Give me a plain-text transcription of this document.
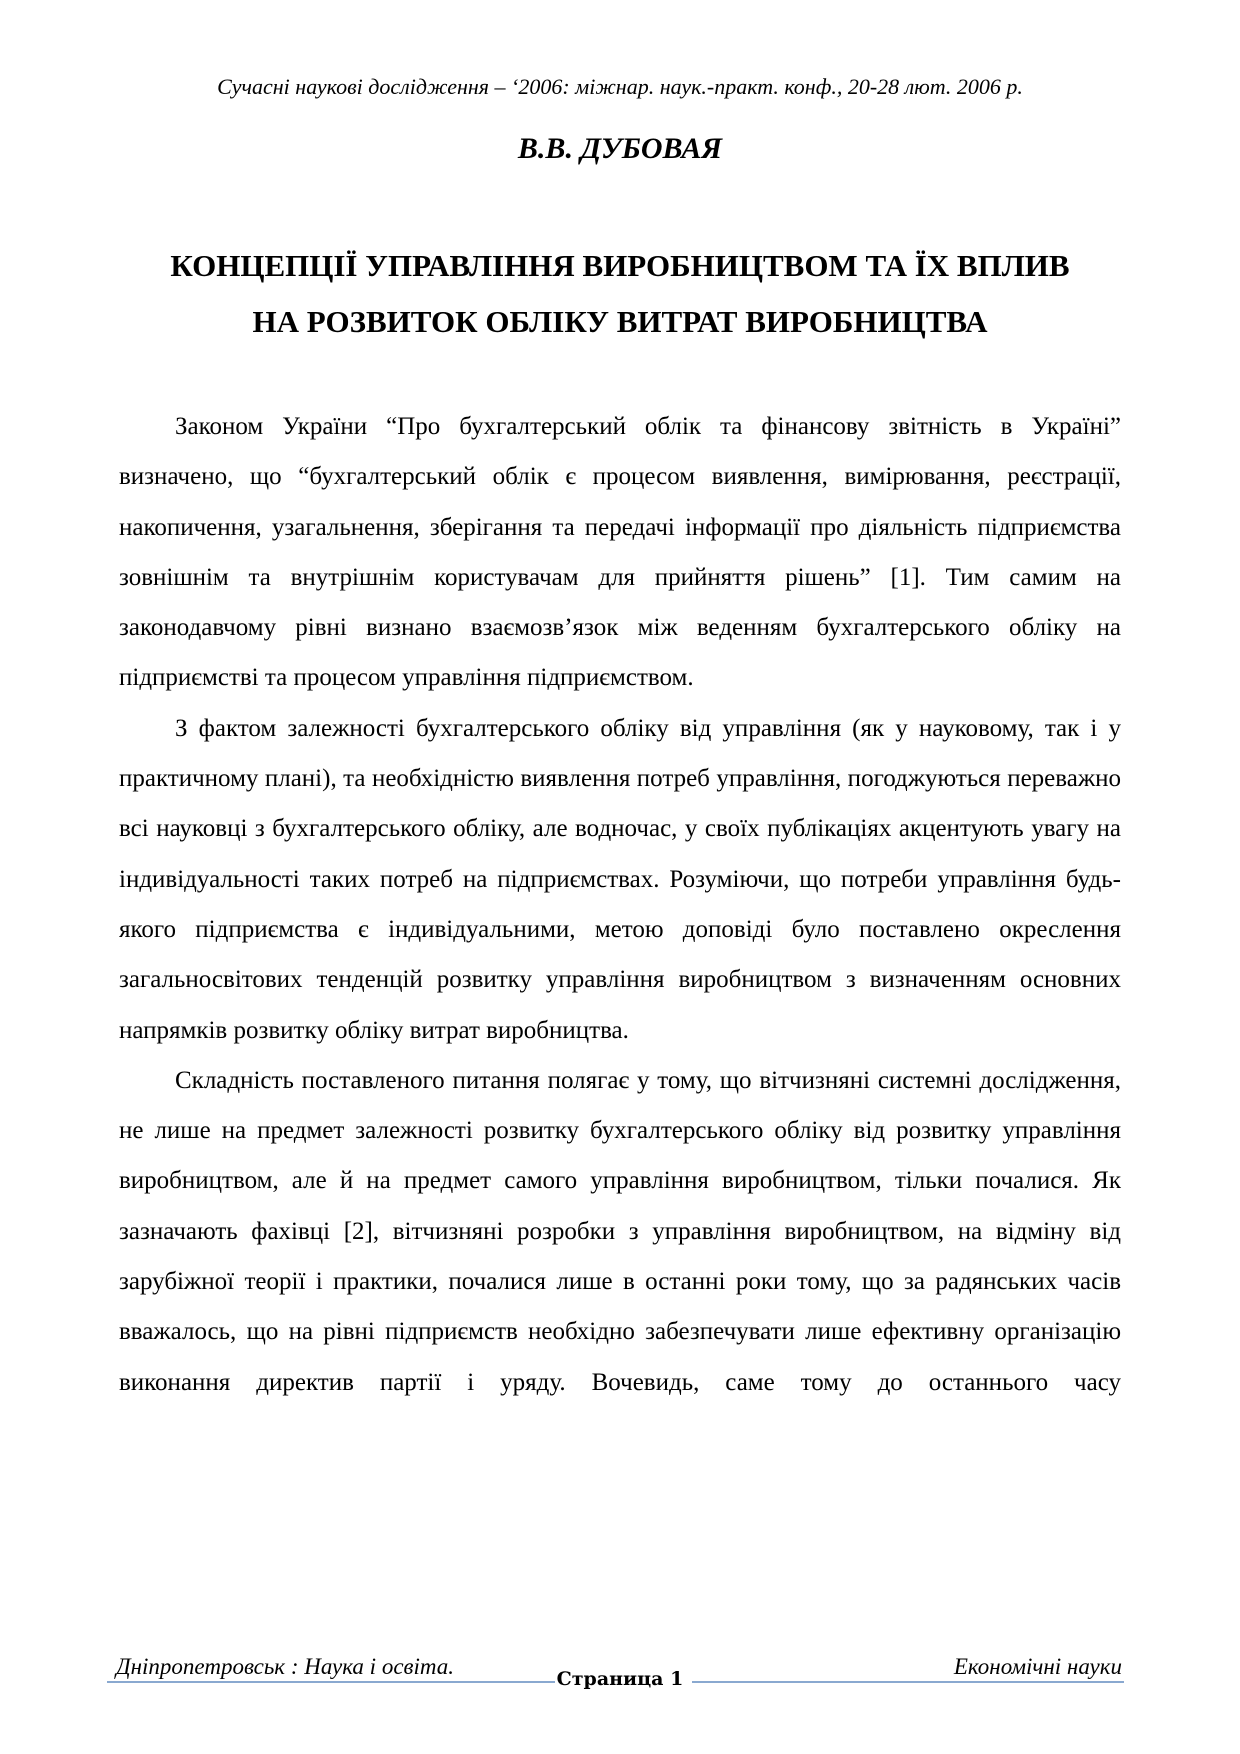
Сучасні наукові дослідження – ‘2006: міжнар. наук.-практ. конф., 20-28 лют. 2006 р.
В.В. ДУБОВАЯ
КОНЦЕПЦІЇ УПРАВЛІННЯ ВИРОБНИЦТВОМ ТА ЇХ ВПЛИВ
НА РОЗВИТОК ОБЛІКУ ВИТРАТ ВИРОБНИЦТВА

Законом України “Про бухгалтерський облік та фінансову звітність в Україні” визначено, що “бухгалтерський облік є процесом виявлення, вимірювання, реєстрації, накопичення, узагальнення, зберігання та передачі інформації про діяльність підприємства зовнішнім та внутрішнім користувачам для прийняття рішень” [1]. Тим самим на законодавчому рівні визнано взаємозв’язок між веденням бухгалтерського обліку на підприємстві та процесом управління підприємством.

З фактом залежності бухгалтерського обліку від управління (як у науковому, так і у практичному плані), та необхідністю виявлення потреб управління, погоджуються переважно всі науковці з бухгалтерського обліку, але водночас, у своїх публікаціях акцентують увагу на індивідуальності таких потреб на підприємствах. Розуміючи, що потреби управління будь-якого підприємства є індивідуальними, метою доповіді було поставлено окреслення загальносвітових тенденцій розвитку управління виробництвом з визначенням основних напрямків розвитку обліку витрат виробництва.

Складність поставленого питання полягає у тому, що вітчизняні системні дослідження, не лише на предмет залежності розвитку бухгалтерського обліку від розвитку управління виробництвом, але й на предмет самого управління виробництвом, тільки почалися. Як зазначають фахівці [2], вітчизняні розробки з управління виробництвом, на відміну від зарубіжної теорії і практики, почалися лише в останні роки тому, що за радянських часів вважалось, що на рівні підприємств необхідно забезпечувати лише ефективну організацію виконання директив партії і уряду. Вочевидь, саме тому до останнього часу

Дніпропетровськ : Наука і освіта.	Економічні науки
Страница 1
